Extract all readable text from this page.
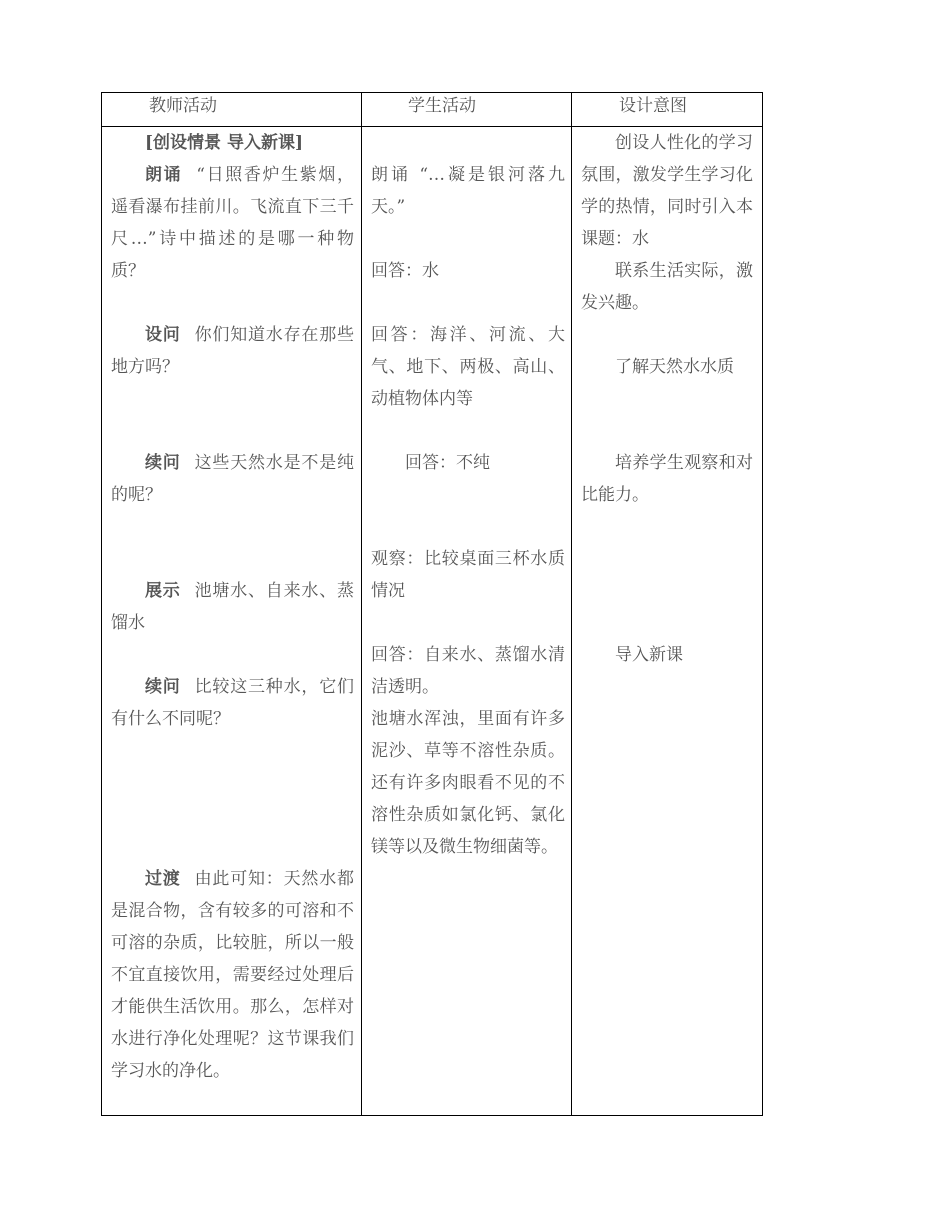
教师活动	学生活动	设计意图

[创设情景 导入新课]

朗诵 “日照香炉生紫烟，遥看瀑布挂前川。飞流直下三千尺…”诗中描述的是哪一种物质？

设问 你们知道水存在那些地方吗？

续问 这些天然水是不是纯的呢？

展示 池塘水、自来水、蒸馏水

续问 比较这三种水，它们有什么不同呢？

过渡 由此可知：天然水都是混合物，含有较多的可溶和不可溶的杂质，比较脏，所以一般不宜直接饮用，需要经过处理后才能供生活饮用。那么，怎样对水进行净化处理呢？这节课我们学习水的净化。

朗诵 “…凝是银河落九天。”

回答：水

回答：海洋、河流、大气、地下、两极、高山、动植物体内等

回答：不纯

观察：比较桌面三杯水质情况

回答：自来水、蒸馏水清洁透明。

池塘水浑浊，里面有许多泥沙、草等不溶性杂质。还有许多肉眼看不见的不溶性杂质如氯化钙、氯化镁等以及微生物细菌等。

创设人性化的学习氛围，激发学生学习化学的热情，同时引入本课题：水

联系生活实际，激发兴趣。

了解天然水水质

培养学生观察和对比能力。

导入新课
